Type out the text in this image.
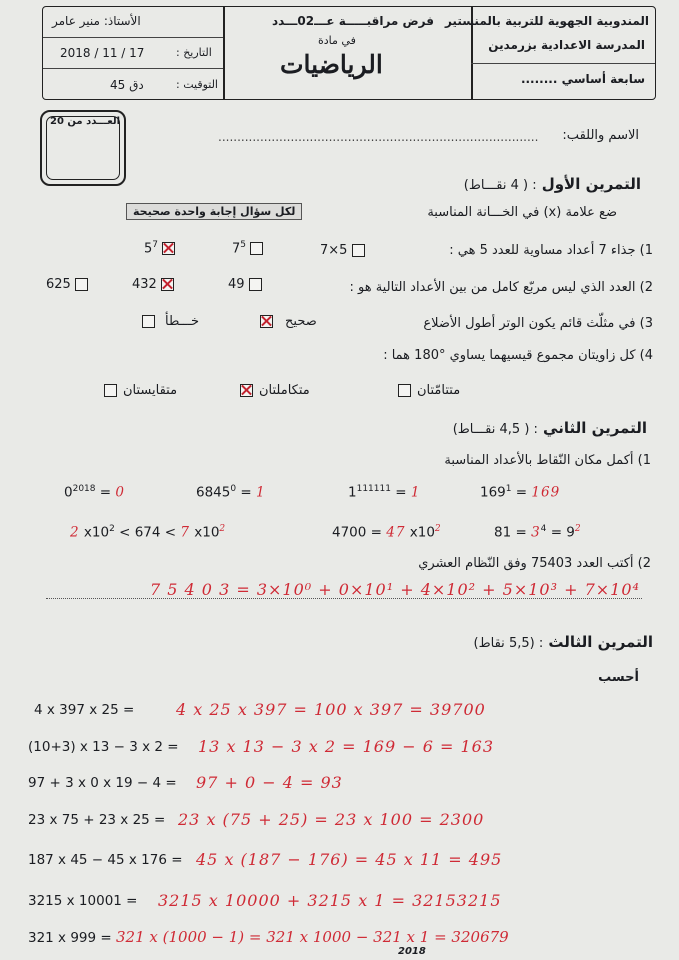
المندوبية الجهوية للتربية بالمنستير
المدرسة الاعدادية بزرمدين
سابعة أساسي ........
فرض مراقبـــــة عـــ02ـــدد
في مادة
الرياضيات
الأستاذ: منير عامر
2018 / 11 / 17	التاريخ :
45 دق	التوقيت :
العـــدد من 20
.................................................................................... الاسم واللقب:
التمرين الأول : ( 4 نقـــاط)
ضع علامة (x) في الخـــانة المناسبة
لكل سؤال إجابة واحدة صحيحة
1) جذاء 7 أعداد مساوية للعدد 5 هي :
7×5
$7^5$
$5^7$
2) العدد الذي ليس مربّع كامل من بين الأعداد التالية هو :
49
432
625
3) في مثلّث قائم يكون الوتر أطول الأضلاع
صحيح
خـــطأ
4) كل زاويتان مجموع قيسيهما يساوي °180 هما :
متتامّتان
متكاملتان
متقايستان
التمرين الثاني : ( 4,5 نقـــاط)
1) أكمل مكان النّقاط بالأعداد المناسبة
$169^1 = 169$
$1^{111111} = 1$
$6845^0 = 1$
$0^{2018} = 0$
$81 = 3^4 = 9^2$
4700 = 47 $x10^2$
2 $x10^2 < 674 < 7$ $x10^2$
2) أكتب العدد 75403 وفق النّظام العشري
7 5 4 0 3 = 3×10⁰ + 0×10¹ + 4×10² + 5×10³ + 7×10⁴
التمرين الثالث : (5,5 نقاط)
أحسب
4 x 397 x 25 =	4 x 25 x 397 = 100 x 397 = 39700
(10+3) x 13 − 3 x 2 = 13 x 13 − 3 x 2 = 169 − 6 = 163
97 + 3 x 0 x 19 − 4 = 97 + 0 − 4 = 93
23 x 75 + 23 x 25 = 23 x (75 + 25) = 23 x 100 = 2300
187 x 45 − 45 x 176 = 45 x (187 − 176) = 45 x 11 = 495
3215 x 10001 = 3215 x 10000 + 3215 x 1 = 32153215
321 x 999 = 321 x (1000 − 1) = 321 x 1000 − 321 x 1 = 320679
2018
